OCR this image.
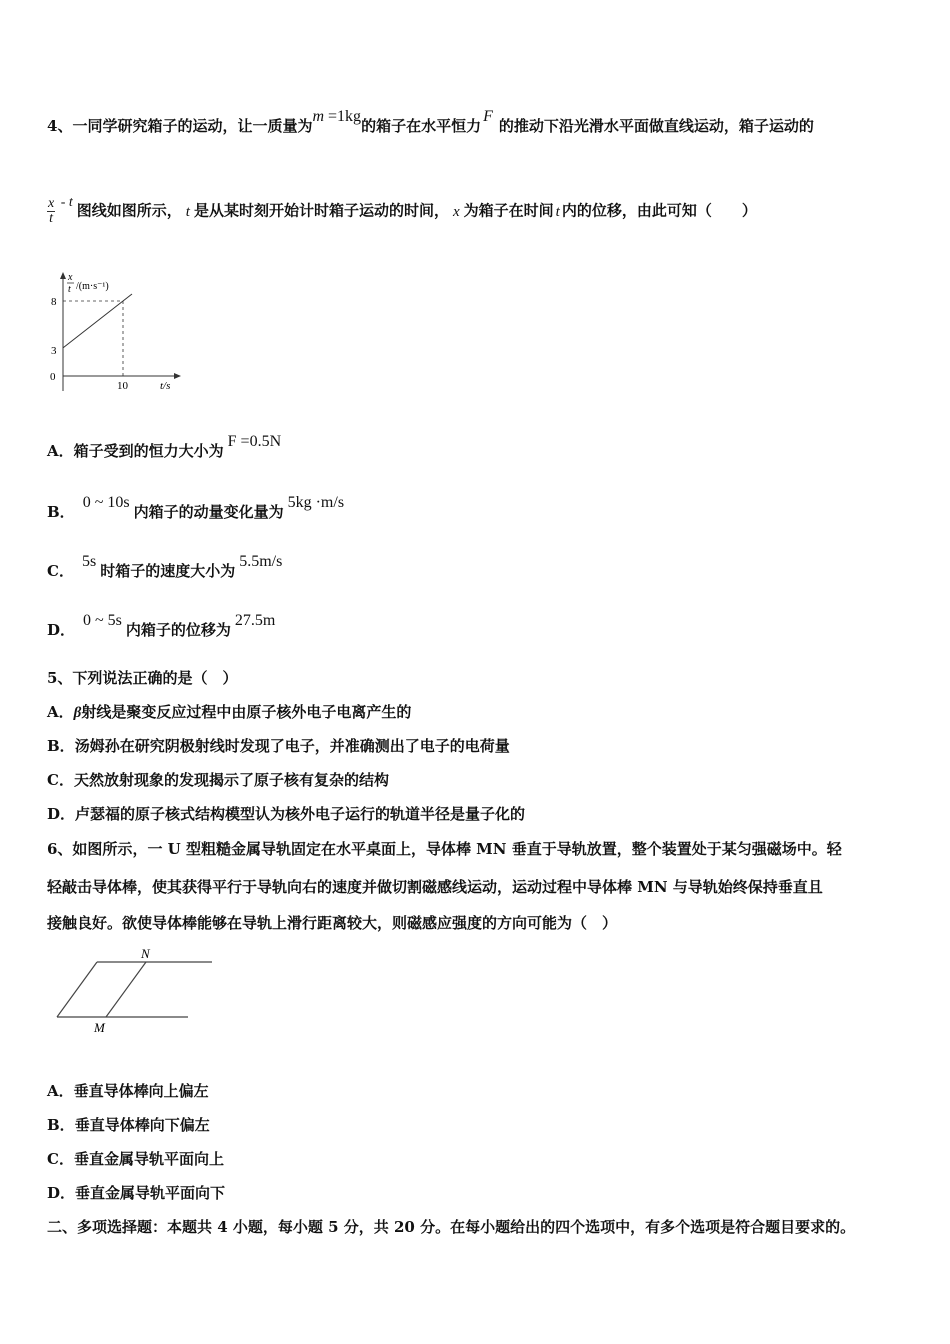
4、一同学研究箱子的运动，让一质量为m =1kg的箱子在水平恒力F的推动下沿光滑水平面做直线运动，箱子运动的
$\frac{x}{t}$ - t 图线如图所示， t 是从某时刻开始计时箱子运动的时间， x 为箱子在时间 t 内的位移，由此可知（　　）
x
t /(m·s⁻¹)
t/s
0
8
3
10
A．箱子受到的恒力大小为F =0.5N
B．0 ~ 10s内箱子的动量变化量为5kg ·m/s
C．5s时箱子的速度大小为5.5m/s
D．0 ~ 5s内箱子的位移为27.5m
5、下列说法正确的是（　）
A．β射线是聚变反应过程中由原子核外电子电离产生的
B．汤姆孙在研究阴极射线时发现了电子，并准确测出了电子的电荷量
C．天然放射现象的发现揭示了原子核有复杂的结构
D．卢瑟福的原子核式结构模型认为核外电子运行的轨道半径是量子化的
6、如图所示，一 U 型粗糙金属导轨固定在水平桌面上，导体棒 MN 垂直于导轨放置，整个装置处于某匀强磁场中。轻
轻敲击导体棒，使其获得平行于导轨向右的速度并做切割磁感线运动，运动过程中导体棒 MN 与导轨始终保持垂直且
接触良好。欲使导体棒能够在导轨上滑行距离较大，则磁感应强度的方向可能为（　）
N
M
A．垂直导体棒向上偏左
B．垂直导体棒向下偏左
C．垂直金属导轨平面向上
D．垂直金属导轨平面向下
二、多项选择题：本题共 4 小题，每小题 5 分，共 20 分。在每小题给出的四个选项中，有多个选项是符合题目要求的。
